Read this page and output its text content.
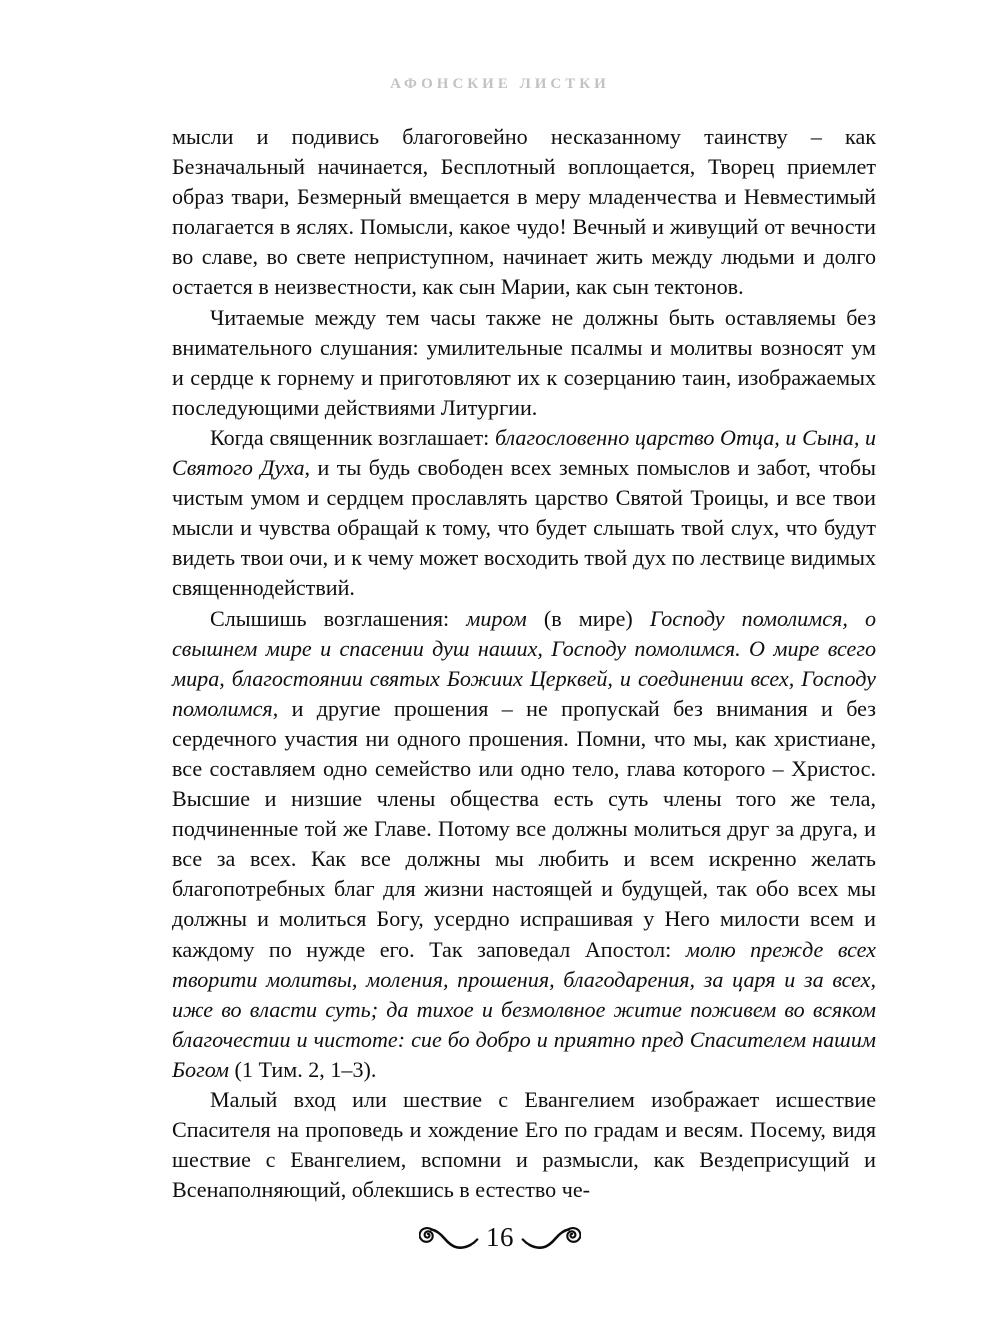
АФОНСКИЕ ЛИСТКИ

мысли и подивись благоговейно несказанному таинству – как Безначальный начинается, Бесплотный воплощается, Творец приемлет образ твари, Безмерный вмещается в меру младенчества и Невместимый полагается в яслях. Помысли, какое чудо! Вечный и живущий от вечности во славе, во свете неприступном, начинает жить между людьми и долго остается в неизвестности, как сын Марии, как сын тектонов.

Читаемые между тем часы также не должны быть оставляемы без внимательного слушания: умилительные псалмы и молитвы возносят ум и сердце к горнему и приготовляют их к созерцанию таин, изображаемых последующими действиями Литургии.

Когда священник возглашает: благословенно царство Отца, и Сына, и Святого Духа, и ты будь свободен всех земных помыслов и забот, чтобы чистым умом и сердцем прославлять царство Святой Троицы, и все твои мысли и чувства обращай к тому, что будет слышать твой слух, что будут видеть твои очи, и к чему может восходить твой дух по лествице видимых священнодействий.

Слышишь возглашения: миром (в мире) Господу помолимся, о свышнем мире и спасении душ наших, Господу помолимся. О мире всего мира, благостоянии святых Божиих Церквей, и соединении всех, Господу помолимся, и другие прошения – не пропускай без внимания и без сердечного участия ни одного прошения. Помни, что мы, как христиане, все составляем одно семейство или одно тело, глава которого – Христос. Высшие и низшие члены общества есть суть члены того же тела, подчиненные той же Главе. Потому все должны молиться друг за друга, и все за всех. Как все должны мы любить и всем искренно желать благопотребных благ для жизни настоящей и будущей, так обо всех мы должны и молиться Богу, усердно испрашивая у Него милости всем и каждому по нужде его. Так заповедал Апостол: молю прежде всех творити молитвы, моления, прошения, благодарения, за царя и за всех, иже во власти суть; да тихое и безмолвное житие поживем во всяком благочестии и чистоте: сие бо добро и приятно пред Спасителем нашим Богом (1 Тим. 2, 1–3).

Малый вход или шествие с Евангелием изображает исшествие Спасителя на проповедь и хождение Его по градам и весям. Посему, видя шествие с Евангелием, вспомни и размысли, как Вездеприсущий и Всенаполняющий, облекшись в естество че-

16
